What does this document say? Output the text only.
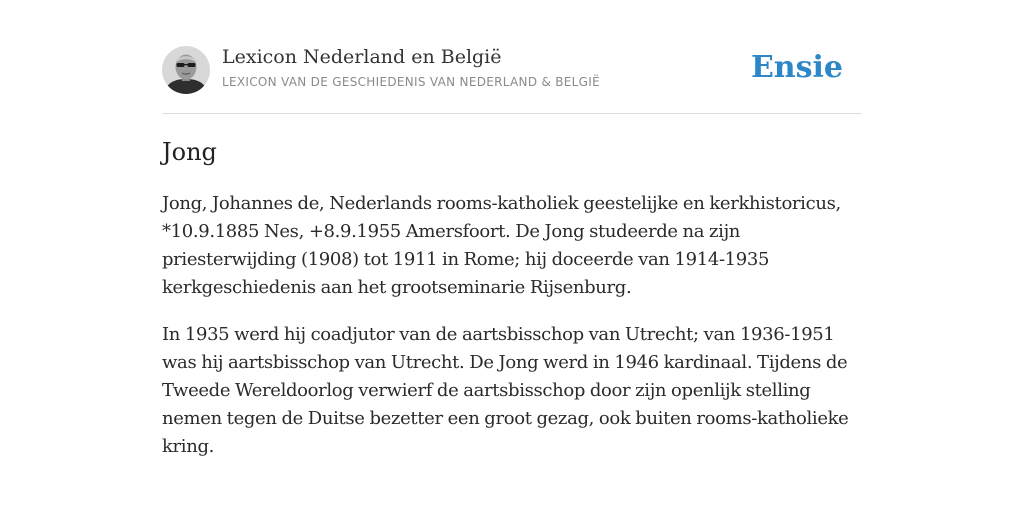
Lexicon Nederland en België
LEXICON VAN DE GESCHIEDENIS VAN NEDERLAND & BELGIË	Ensie
Jong

Jong, Johannes de, Nederlands rooms-katholiek geestelijke en kerkhistoricus, *10.9.1885 Nes, +8.9.1955 Amersfoort. De Jong studeerde na zijn priesterwijding (1908) tot 1911 in Rome; hij doceerde van 1914-1935 kerkgeschiedenis aan het grootseminarie Rijsenburg.

In 1935 werd hij coadjutor van de aartsbisschop van Utrecht; van 1936-1951 was hij aartsbisschop van Utrecht. De Jong werd in 1946 kardinaal. Tijdens de Tweede Wereldoorlog verwierf de aartsbisschop door zijn openlijk stelling nemen tegen de Duitse bezetter een groot gezag, ook buiten rooms-katholieke kring.
